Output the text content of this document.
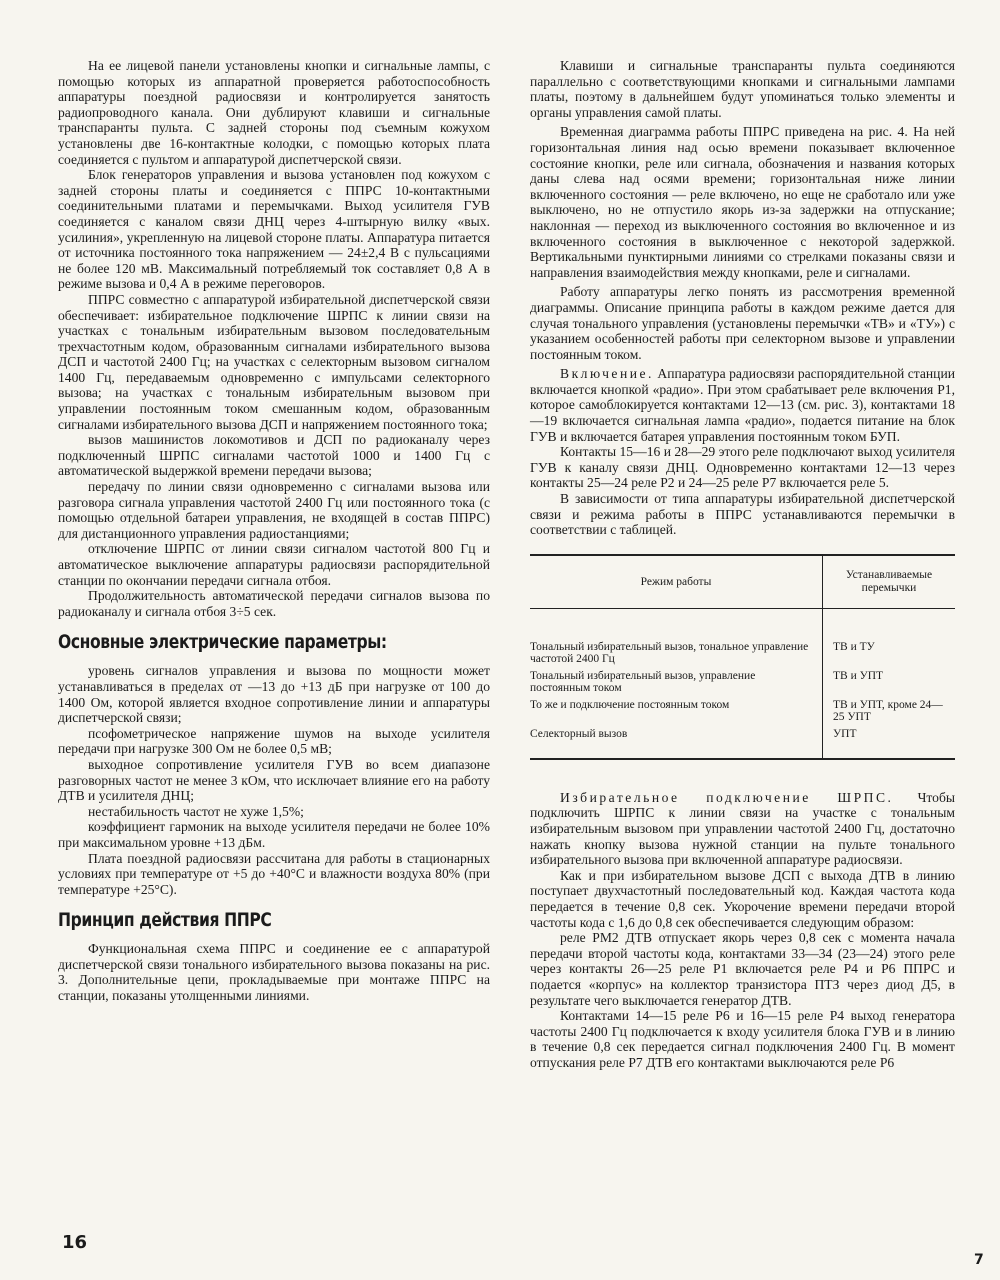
На ее лицевой панели установлены кнопки и сигнальные лампы, с помощью которых из аппаратной проверяется работоспособность аппаратуры поездной радиосвязи и контролируется занятость радиопроводного канала. Они дублируют клавиши и сигнальные транспаранты пульта. С задней стороны под съемным кожухом установлены две 16-контактные колодки, с помощью которых плата соединяется с пультом и аппаратурой диспетчерской связи.

Блок генераторов управления и вызова установлен под кожухом с задней стороны платы и соединяется с ППРС 10-контактными соединительными платами и перемычками. Выход усилителя ГУВ соединяется с каналом связи ДНЦ через 4-штырную вилку «вых. усилиния», укрепленную на лицевой стороне платы. Аппаратура питается от источника постоянного тока напряжением — 24±2,4 В с пульсациями не более 120 мВ. Максимальный потребляемый ток составляет 0,8 А в режиме вызова и 0,4 А в режиме переговоров.

ППРС совместно с аппаратурой избирательной диспетчерской связи обеспечивает: избирательное подключение ШРПС к линии связи на участках с тональным избирательным вызовом последовательным трехчастотным кодом, образованным сигналами избирательного вызова ДСП и частотой 2400 Гц; на участках с селекторным вызовом сигналом 1400 Гц, передаваемым одновременно с импульсами селекторного вызова; на участках с тональным избирательным вызовом при управлении постоянным током смешанным кодом, образованным сигналами избирательного вызова ДСП и напряжением постоянного тока;

вызов машинистов локомотивов и ДСП по радиоканалу через подключенный ШРПС сигналами частотой 1000 и 1400 Гц с автоматической выдержкой времени передачи вызова;

передачу по линии связи одновременно с сигналами вызова или разговора сигнала управления частотой 2400 Гц или постоянного тока (с помощью отдельной батареи управления, не входящей в состав ППРС) для дистанционного управления радиостанциями;

отключение ШРПС от линии связи сигналом частотой 800 Гц и автоматическое выключение аппаратуры радиосвязи распорядительной станции по окончании передачи сигнала отбоя.

Продолжительность автоматической передачи сигналов вызова по радиоканалу и сигнала отбоя 3÷5 сек.

Основные электрические параметры:

уровень сигналов управления и вызова по мощности может устанавливаться в пределах от —13 до +13 дБ при нагрузке от 100 до 1400 Ом, которой является входное сопротивление линии и аппаратуры диспетчерской связи;

псофометрическое напряжение шумов на выходе усилителя передачи при нагрузке 300 Ом не более 0,5 мВ;

выходное сопротивление усилителя ГУВ во всем диапазоне разговорных частот не менее 3 кОм, что исключает влияние его на работу ДТВ и усилителя ДНЦ;

нестабильность частот не хуже 1,5%;

коэффициент гармоник на выходе усилителя передачи не более 10% при максимальном уровне +13 дБм.

Плата поездной радиосвязи рассчитана для работы в стационарных условиях при температуре от +5 до +40°С и влажности воздуха 80% (при температуре +25°С).

Принцип действия ППРС

Функциональная схема ППРС и соединение ее с аппаратурой диспетчерской связи тонального избирательного вызова показаны на рис. 3. Дополнительные цепи, прокладываемые при монтаже ППРС на станции, показаны утолщенными линиями.

Клавиши и сигнальные транспаранты пульта соединяются параллельно с соответствующими кнопками и сигнальными лампами платы, поэтому в дальнейшем будут упоминаться только элементы и органы управления самой платы.

Временная диаграмма работы ППРС приведена на рис. 4. На ней горизонтальная линия над осью времени показывает включенное состояние кнопки, реле или сигнала, обозначения и названия которых даны слева над осями времени; горизонтальная ниже линии включенного состояния — реле включено, но еще не сработало или уже выключено, но не отпустило якорь из-за задержки на отпускание; наклонная — переход из выключенного состояния во включенное и из включенного состояния в выключенное с некоторой задержкой. Вертикальными пунктирными линиями со стрелками показаны связи и направления взаимодействия между кнопками, реле и сигналами.

Работу аппаратуры легко понять из рассмотрения временной диаграммы. Описание принципа работы в каждом режиме дается для случая тонального управления (установлены перемычки «ТВ» и «ТУ») с указанием особенностей работы при селекторном вызове и управлении постоянным током.

Включение. Аппаратура радиосвязи распорядительной станции включается кнопкой «радио». При этом срабатывает реле включения Р1, которое самоблокируется контактами 12—13 (см. рис. 3), контактами 18—19 включается сигнальная лампа «радио», подается питание на блок ГУВ и включается батарея управления постоянным током БУП.

Контакты 15—16 и 28—29 этого реле подключают выход усилителя ГУВ к каналу связи ДНЦ. Одновременно контактами 12—13 через контакты 25—24 реле Р2 и 24—25 реле Р7 включается реле 5.

В зависимости от типа аппаратуры избирательной диспетчерской связи и режима работы в ППРС устанавливаются перемычки в соответствии с таблицей.

Режим работы	Устанавливаемые перемычки
Тональный избирательный вызов, тональное управление частотой 2400 Гц	ТВ и ТУ
Тональный избирательный вызов, управление постоянным током	ТВ и УПТ
То же и подключение постоянным током	ТВ и УПТ, кроме 24—25 УПТ
Селекторный вызов	УПТ

Избирательное подключение ШРПС. Чтобы подключить ШРПС к линии связи на участке с тональным избирательным вызовом при управлении частотой 2400 Гц, достаточно нажать кнопку вызова нужной станции на пульте тонального избирательного вызова при включенной аппаратуре радиосвязи.

Как и при избирательном вызове ДСП с выхода ДТВ в линию поступает двухчастотный последовательный код. Каждая частота кода передается в течение 0,8 сек. Укорочение времени передачи второй частоты кода с 1,6 до 0,8 сек обеспечивается следующим образом:

реле РМ2 ДТВ отпускает якорь через 0,8 сек с момента начала передачи второй частоты кода, контактами 33—34 (23—24) этого реле через контакты 26—25 реле Р1 включается реле Р4 и Р6 ППРС и подается «корпус» на коллектор транзистора ПТЗ через диод Д5, в результате чего выключается генератор ДТВ.

Контактами 14—15 реле Р6 и 16—15 реле Р4 выход генератора частоты 2400 Гц подключается к входу усилителя блока ГУВ и в линию в течение 0,8 сек передается сигнал подключения 2400 Гц. В момент отпускания реле Р7 ДТВ его контактами выключаются реле Р6

16
7
